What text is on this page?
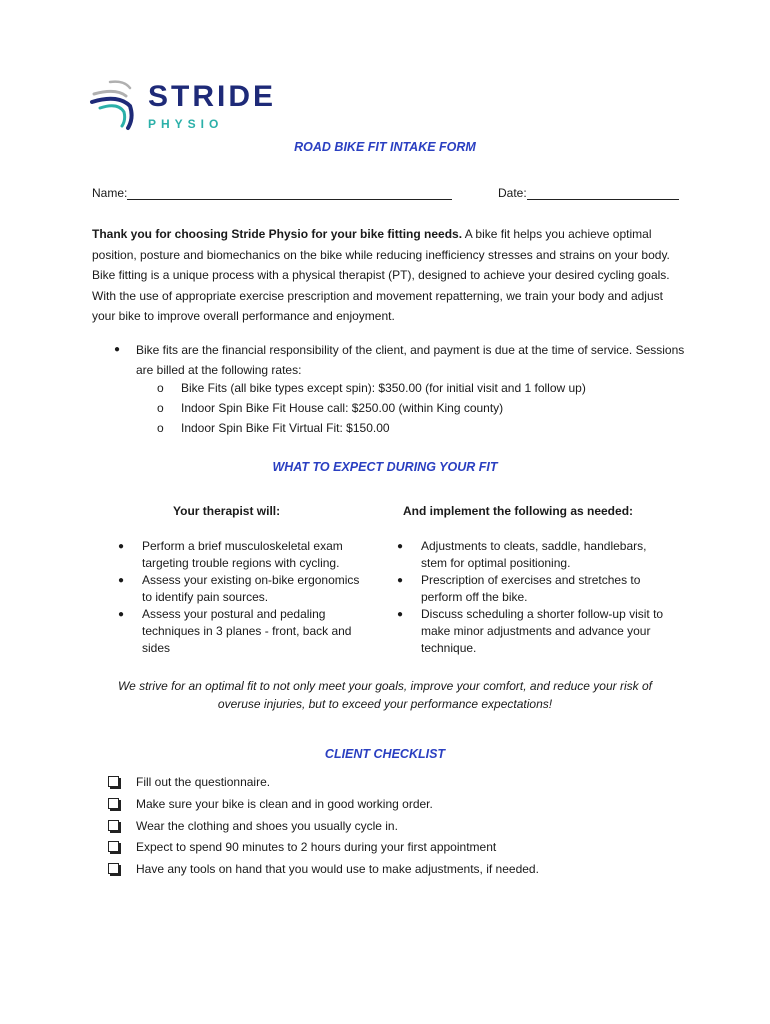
STRIDE
PHYSIO
ROAD BIKE FIT INTAKE FORM
Name:	Date:
Thank you for choosing Stride Physio for your bike fitting needs. A bike fit helps you achieve optimal position, posture and biomechanics on the bike while reducing inefficiency stresses and strains on your body. Bike fitting is a unique process with a physical therapist (PT), designed to achieve your desired cycling goals. With the use of appropriate exercise prescription and movement repatterning, we train your body and adjust your bike to improve overall performance and enjoyment.
● Bike fits are the financial responsibility of the client, and payment is due at the time of service. Sessions are billed at the following rates:
o Bike Fits (all bike types except spin): $350.00 (for initial visit and 1 follow up)
o Indoor Spin Bike Fit House call: $250.00 (within King county)
o Indoor Spin Bike Fit Virtual Fit: $150.00
WHAT TO EXPECT DURING YOUR FIT
Your therapist will:	And implement the following as needed:
● Perform a brief musculoskeletal exam targeting trouble regions with cycling.
● Assess your existing on-bike ergonomics to identify pain sources.
● Assess your postural and pedaling techniques in 3 planes - front, back and sides
● Adjustments to cleats, saddle, handlebars, stem for optimal positioning.
● Prescription of exercises and stretches to perform off the bike.
● Discuss scheduling a shorter follow-up visit to make minor adjustments and advance your technique.
We strive for an optimal fit to not only meet your goals, improve your comfort, and reduce your risk of overuse injuries, but to exceed your performance expectations!
CLIENT CHECKLIST
Fill out the questionnaire.
Make sure your bike is clean and in good working order.
Wear the clothing and shoes you usually cycle in.
Expect to spend 90 minutes to 2 hours during your first appointment
Have any tools on hand that you would use to make adjustments, if needed.
